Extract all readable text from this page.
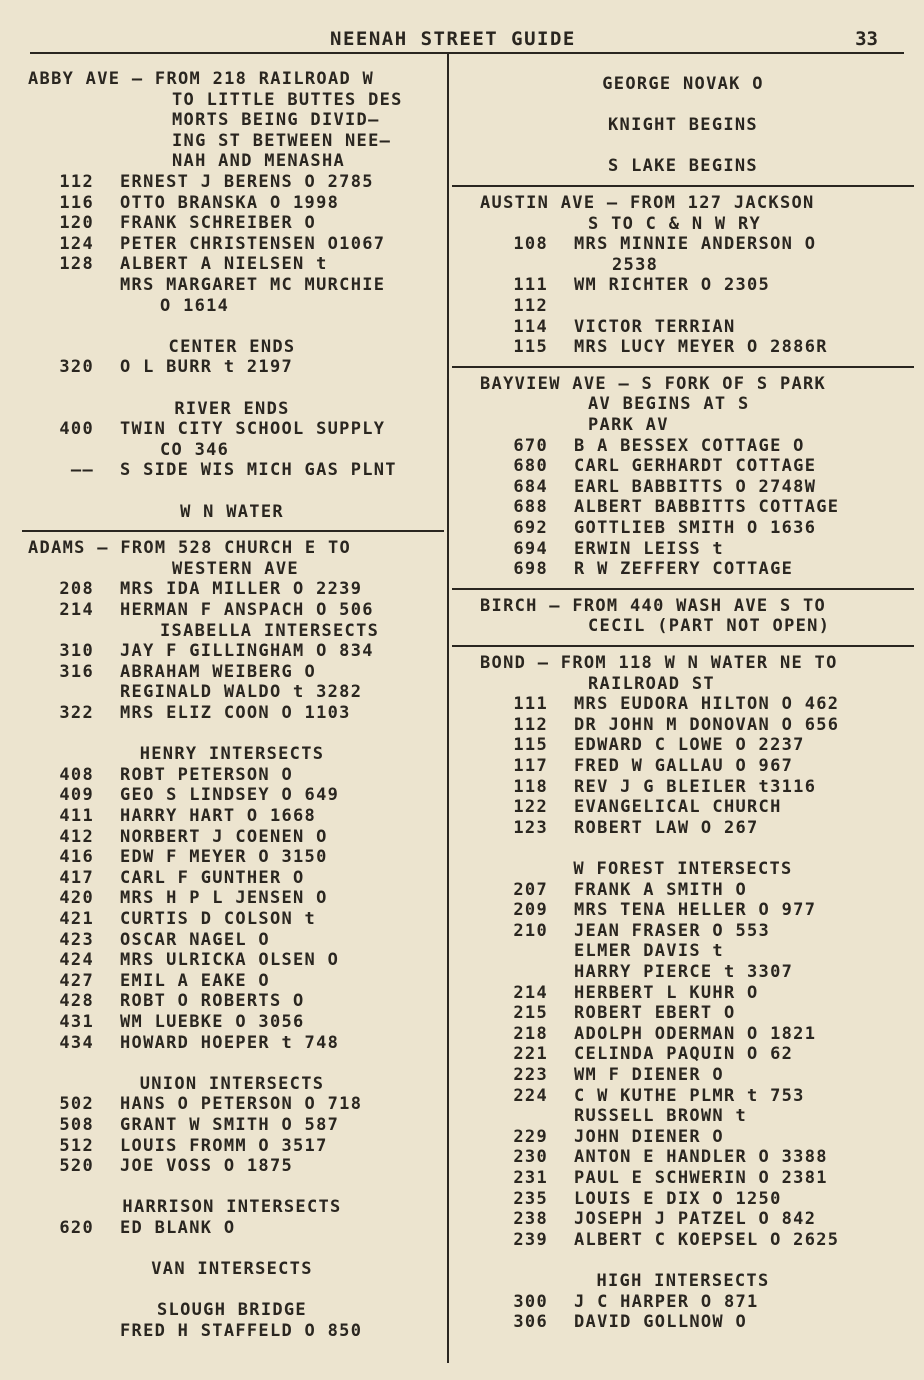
NEENAH STREET GUIDE	33
ABBY AVE — FROM 218 RAILROAD W
TO LITTLE BUTTES DES
MORTS BEING DIVID—
ING ST BETWEEN NEE—
NAH AND MENASHA
112 ERNEST J BERENS O 2785
116 OTTO BRANSKA O 1998
120 FRANK SCHREIBER O
124 PETER CHRISTENSEN O1067
128 ALBERT A NIELSEN t
MRS MARGARET MC MURCHIE
O 1614
CENTER ENDS
320 O L BURR t 2197
RIVER ENDS
400 TWIN CITY SCHOOL SUPPLY
CO 346
—— S SIDE WIS MICH GAS PLNT
W N WATER
ADAMS — FROM 528 CHURCH E TO
WESTERN AVE
208 MRS IDA MILLER O 2239
214 HERMAN F ANSPACH O 506
ISABELLA INTERSECTS
310 JAY F GILLINGHAM O 834
316 ABRAHAM WEIBERG O
REGINALD WALDO t 3282
322 MRS ELIZ COON O 1103
HENRY INTERSECTS
408 ROBT PETERSON O
409 GEO S LINDSEY O 649
411 HARRY HART O 1668
412 NORBERT J COENEN O
416 EDW F MEYER O 3150
417 CARL F GUNTHER O
420 MRS H P L JENSEN O
421 CURTIS D COLSON t
423 OSCAR NAGEL O
424 MRS ULRICKA OLSEN O
427 EMIL A EAKE O
428 ROBT O ROBERTS O
431 WM LUEBKE O 3056
434 HOWARD HOEPER t 748
UNION INTERSECTS
502 HANS O PETERSON O 718
508 GRANT W SMITH O 587
512 LOUIS FROMM O 3517
520 JOE VOSS O 1875
HARRISON INTERSECTS
620 ED BLANK O
VAN INTERSECTS
SLOUGH BRIDGE
FRED H STAFFELD O 850
GEORGE NOVAK O
KNIGHT BEGINS
S LAKE BEGINS
AUSTIN AVE — FROM 127 JACKSON
S TO C & N W RY
108 MRS MINNIE ANDERSON O
2538
111 WM RICHTER O 2305
112
114 VICTOR TERRIAN
115 MRS LUCY MEYER O 2886R
BAYVIEW AVE — S FORK OF S PARK
AV BEGINS AT S
PARK AV
670 B A BESSEX COTTAGE O
680 CARL GERHARDT COTTAGE
684 EARL BABBITTS O 2748W
688 ALBERT BABBITTS COTTAGE
692 GOTTLIEB SMITH O 1636
694 ERWIN LEISS t
698 R W ZEFFERY COTTAGE
BIRCH — FROM 440 WASH AVE S TO
CECIL (PART NOT OPEN)
BOND — FROM 118 W N WATER NE TO
RAILROAD ST
111 MRS EUDORA HILTON O 462
112 DR JOHN M DONOVAN O 656
115 EDWARD C LOWE O 2237
117 FRED W GALLAU O 967
118 REV J G BLEILER t3116
122 EVANGELICAL CHURCH
123 ROBERT LAW O 267
W FOREST INTERSECTS
207 FRANK A SMITH O
209 MRS TENA HELLER O 977
210 JEAN FRASER O 553
ELMER DAVIS t
HARRY PIERCE t 3307
214 HERBERT L KUHR O
215 ROBERT EBERT O
218 ADOLPH ODERMAN O 1821
221 CELINDA PAQUIN O 62
223 WM F DIENER O
224 C W KUTHE PLMR t 753
RUSSELL BROWN t
229 JOHN DIENER O
230 ANTON E HANDLER O 3388
231 PAUL E SCHWERIN O 2381
235 LOUIS E DIX O 1250
238 JOSEPH J PATZEL O 842
239 ALBERT C KOEPSEL O 2625
HIGH INTERSECTS
300 J C HARPER O 871
306 DAVID GOLLNOW O
